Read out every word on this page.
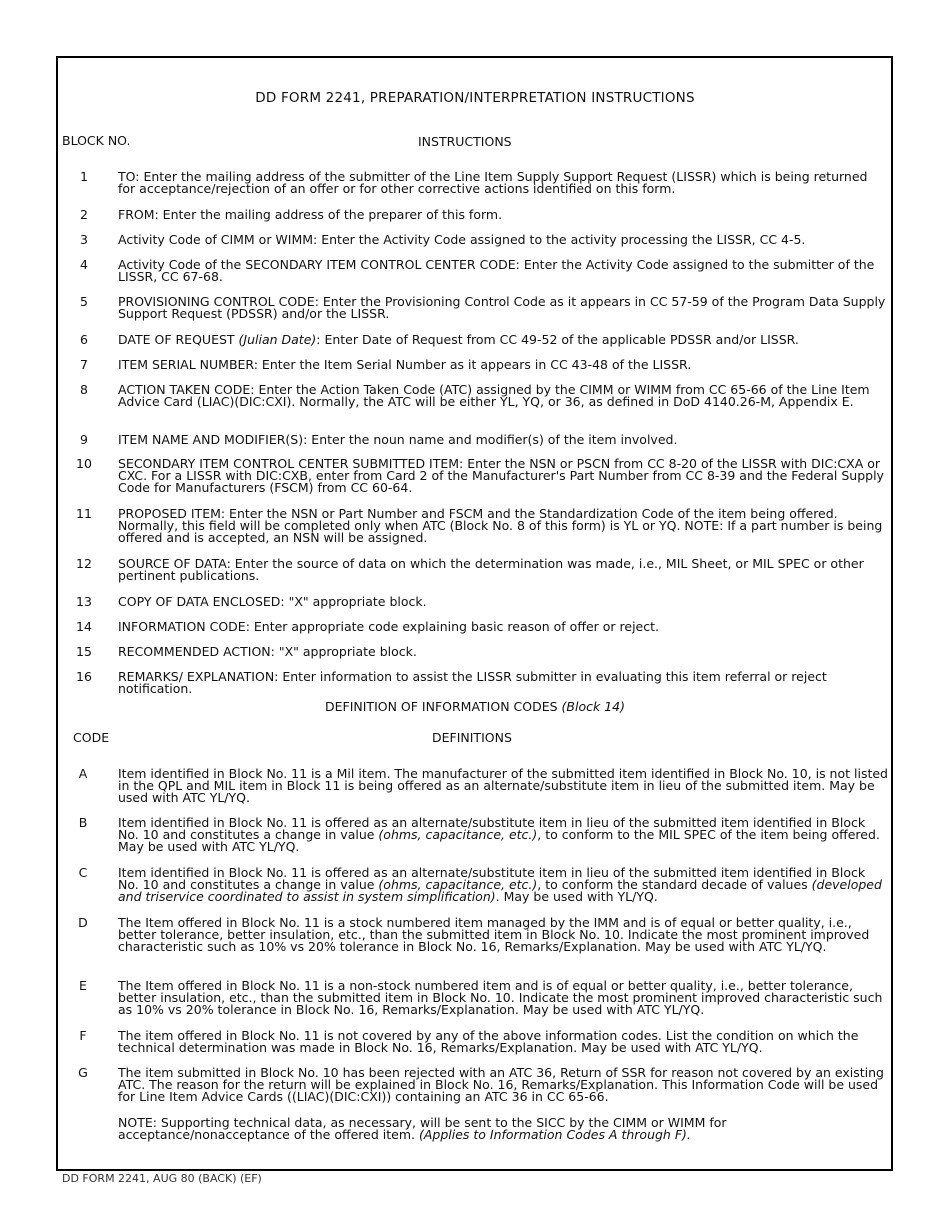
DD FORM 2241, PREPARATION/INTERPRETATION INSTRUCTIONS
BLOCK NO.	INSTRUCTIONS
1	TO: Enter the mailing address of the submitter of the Line Item Supply Support Request (LISSR) which is being returned for acceptance/rejection of an offer or for other corrective actions identified on this form.

2	FROM: Enter the mailing address of the preparer of this form.

3	Activity Code of CIMM or WIMM: Enter the Activity Code assigned to the activity processing the LISSR, CC 4-5.

4	Activity Code of the SECONDARY ITEM CONTROL CENTER CODE: Enter the Activity Code assigned to the submitter of the LISSR, CC 67-68.

5	PROVISIONING CONTROL CODE: Enter the Provisioning Control Code as it appears in CC 57-59 of the Program Data Supply Support Request (PDSSR) and/or the LISSR.

6	DATE OF REQUEST (Julian Date): Enter Date of Request from CC 49-52 of the applicable PDSSR and/or LISSR.

7	ITEM SERIAL NUMBER: Enter the Item Serial Number as it appears in CC 43-48 of the LISSR.

8	ACTION TAKEN CODE: Enter the Action Taken Code (ATC) assigned by the CIMM or WIMM from CC 65-66 of the Line Item Advice Card (LIAC)(DIC:CXI). Normally, the ATC will be either YL, YQ, or 36, as defined in DoD 4140.26-M, Appendix E.

9	ITEM NAME AND MODIFIER(S): Enter the noun name and modifier(s) of the item involved.

10	SECONDARY ITEM CONTROL CENTER SUBMITTED ITEM: Enter the NSN or PSCN from CC 8-20 of the LISSR with DIC:CXA or CXC. For a LISSR with DIC:CXB, enter from Card 2 of the Manufacturer's Part Number from CC 8-39 and the Federal Supply Code for Manufacturers (FSCM) from CC 60-64.

11	PROPOSED ITEM: Enter the NSN or Part Number and FSCM and the Standardization Code of the item being offered. Normally, this field will be completed only when ATC (Block No. 8 of this form) is YL or YQ. NOTE: If a part number is being offered and is accepted, an NSN will be assigned.

12	SOURCE OF DATA: Enter the source of data on which the determination was made, i.e., MIL Sheet, or MIL SPEC or other pertinent publications.

13	COPY OF DATA ENCLOSED: "X" appropriate block.

14	INFORMATION CODE: Enter appropriate code explaining basic reason of offer or reject.

15	RECOMMENDED ACTION: "X" appropriate block.

16	REMARKS/ EXPLANATION: Enter information to assist the LISSR submitter in evaluating this item referral or reject notification.

DEFINITION OF INFORMATION CODES (Block 14)
CODE	DEFINITIONS
A	Item identified in Block No. 11 is a Mil item. The manufacturer of the submitted item identified in Block No. 10, is not listed in the QPL and MIL item in Block 11 is being offered as an alternate/substitute item in lieu of the submitted item. May be used with ATC YL/YQ.

B	Item identified in Block No. 11 is offered as an alternate/substitute item in lieu of the submitted item identified in Block No. 10 and constitutes a change in value (ohms, capacitance, etc.), to conform to the MIL SPEC of the item being offered. May be used with ATC YL/YQ.

C	Item identified in Block No. 11 is offered as an alternate/substitute item in lieu of the submitted item identified in Block No. 10 and constitutes a change in value (ohms, capacitance, etc.), to conform the standard decade of values (developed and triservice coordinated to assist in system simplification). May be used with YL/YQ.

D	The Item offered in Block No. 11 is a stock numbered item managed by the IMM and is of equal or better quality, i.e., better tolerance, better insulation, etc., than the submitted item in Block No. 10. Indicate the most prominent improved characteristic such as 10% vs 20% tolerance in Block No. 16, Remarks/Explanation. May be used with ATC YL/YQ.

E	The Item offered in Block No. 11 is a non-stock numbered item and is of equal or better quality, i.e., better tolerance, better insulation, etc., than the submitted item in Block No. 10. Indicate the most prominent improved characteristic such as 10% vs 20% tolerance in Block No. 16, Remarks/Explanation. May be used with ATC YL/YQ.

F	The item offered in Block No. 11 is not covered by any of the above information codes. List the condition on which the technical determination was made in Block No. 16, Remarks/Explanation. May be used with ATC YL/YQ.

G	The item submitted in Block No. 10 has been rejected with an ATC 36, Return of SSR for reason not covered by an existing ATC. The reason for the return will be explained in Block No. 16, Remarks/Explanation. This Information Code will be used for Line Item Advice Cards ((LIAC)(DIC:CXI)) containing an ATC 36 in CC 65-66.

NOTE: Supporting technical data, as necessary, will be sent to the SICC by the CIMM or WIMM for acceptance/nonacceptance of the offered item. (Applies to Information Codes A through F).

DD FORM 2241, AUG 80 (BACK) (EF)
